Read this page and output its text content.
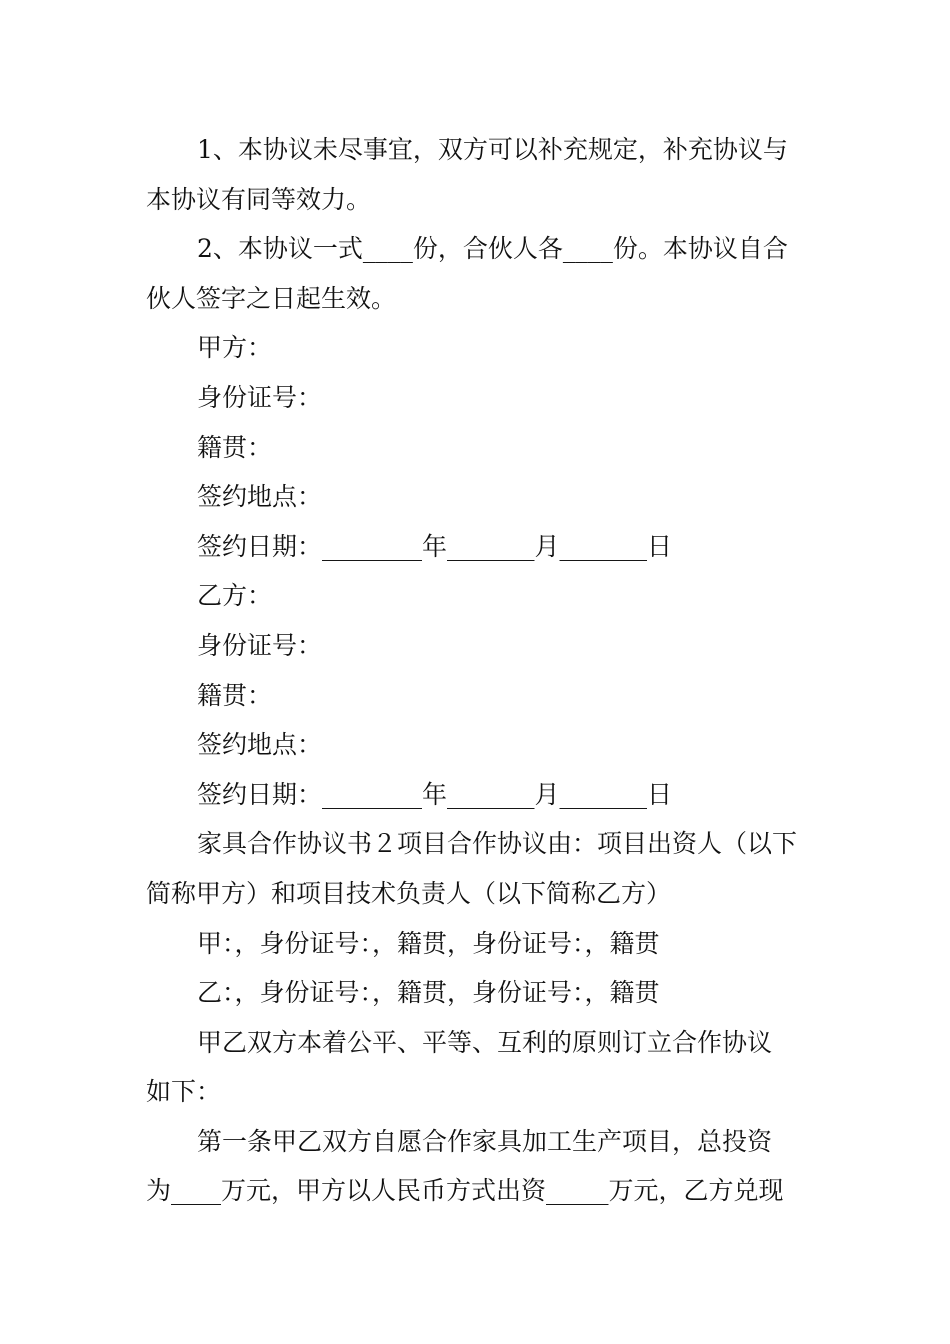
1、本协议未尽事宜，双方可以补充规定，补充协议与
本协议有同等效力。
2、本协议一式____份，合伙人各____份。本协议自合
伙人签字之日起生效。
甲方：
身份证号：
籍贯：
签约地点：
签约日期：________年_______月_______日
乙方：
身份证号：
籍贯：
签约地点：
签约日期：________年_______月_______日
家具合作协议书２项目合作协议由：项目出资人（以下
简称甲方）和项目技术负责人（以下简称乙方）
甲：，身份证号：，籍贯，身份证号：，籍贯
乙：，身份证号：，籍贯，身份证号：，籍贯
甲乙双方本着公平、平等、互利的原则订立合作协议
如下：
第一条甲乙双方自愿合作家具加工生产项目，总投资
为____万元，甲方以人民币方式出资_____万元，乙方兑现
